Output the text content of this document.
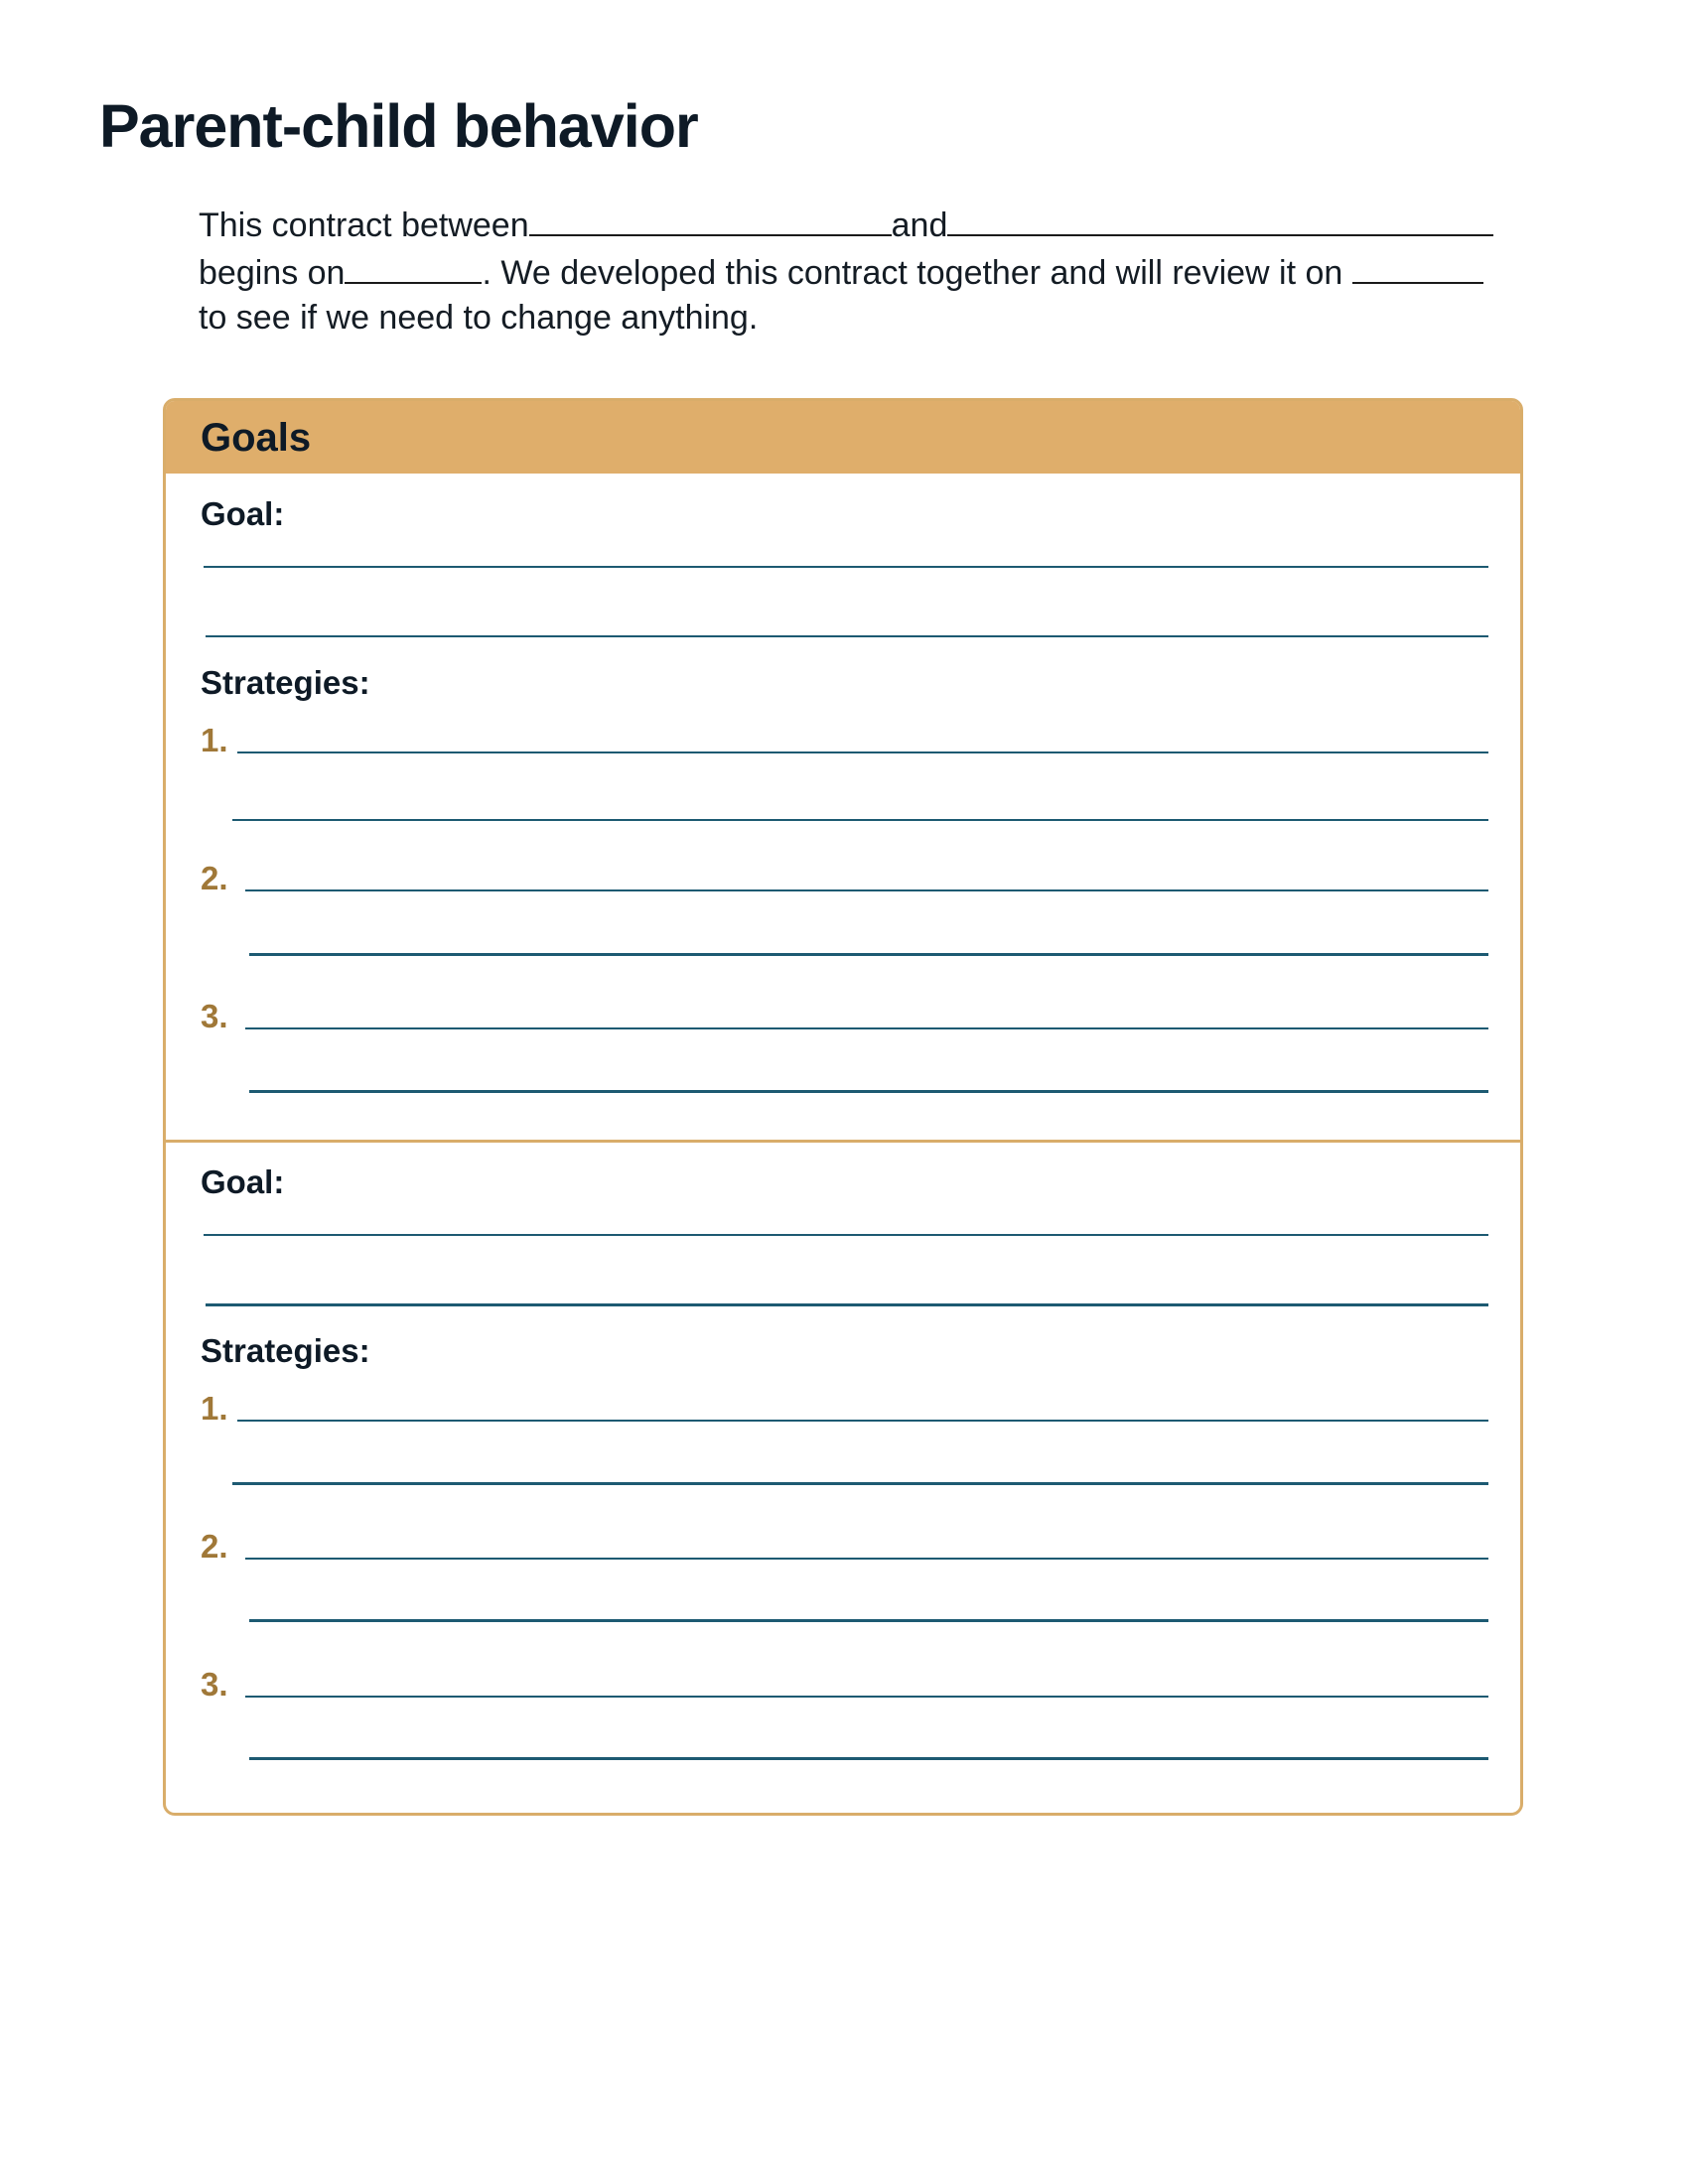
Parent-child behavior
This contract between	and
begins on	. We developed this contract together and will review it on
to see if we need to change anything.
Goals
Goal:
Strategies:
1.
2.
3.
Goal:
Strategies:
1.
2.
3.
